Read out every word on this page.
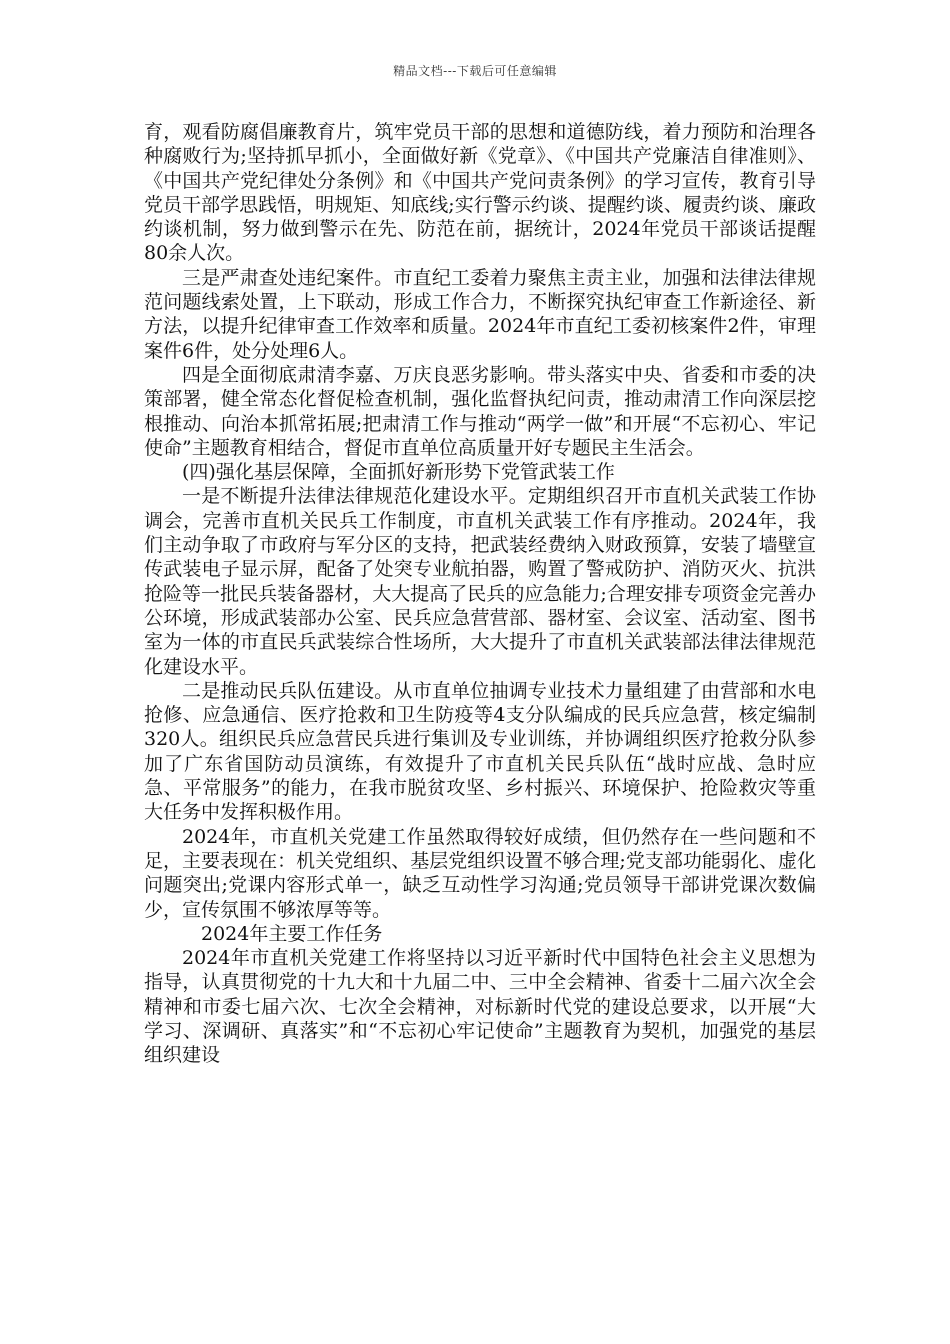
精品文档---下载后可任意编辑

育，观看防腐倡廉教育片，筑牢党员干部的思想和道德防线，着力预防和治理各种腐败行为;坚持抓早抓小，全面做好新《党章》、《中国共产党廉洁自律准则》、《中国共产党纪律处分条例》和《中国共产党问责条例》的学习宣传，教育引导党员干部学思践悟，明规矩、知底线;实行警示约谈、提醒约谈、履责约谈、廉政约谈机制，努力做到警示在先、防范在前，据统计，2024年党员干部谈话提醒80余人次。

三是严肃查处违纪案件。市直纪工委着力聚焦主责主业，加强和法律法律规范问题线索处置，上下联动，形成工作合力，不断探究执纪审查工作新途径、新方法，以提升纪律审查工作效率和质量。2024年市直纪工委初核案件2件，审理案件6件，处分处理6人。

四是全面彻底肃清李嘉、万庆良恶劣影响。带头落实中央、省委和市委的决策部署，健全常态化督促检查机制，强化监督执纪问责，推动肃清工作向深层挖根推动、向治本抓常拓展;把肃清工作与推动“两学一做”和开展“不忘初心、牢记使命”主题教育相结合，督促市直单位高质量开好专题民主生活会。

(四)强化基层保障，全面抓好新形势下党管武装工作

一是不断提升法律法律规范化建设水平。定期组织召开市直机关武装工作协调会，完善市直机关民兵工作制度，市直机关武装工作有序推动。2024年，我们主动争取了市政府与军分区的支持，把武装经费纳入财政预算，安装了墙壁宣传武装电子显示屏，配备了处突专业航拍器，购置了警戒防护、消防灭火、抗洪抢险等一批民兵装备器材，大大提高了民兵的应急能力;合理安排专项资金完善办公环境，形成武装部办公室、民兵应急营营部、器材室、会议室、活动室、图书室为一体的市直民兵武装综合性场所，大大提升了市直机关武装部法律法律规范化建设水平。

二是推动民兵队伍建设。从市直单位抽调专业技术力量组建了由营部和水电抢修、应急通信、医疗抢救和卫生防疫等4支分队编成的民兵应急营，核定编制320人。组织民兵应急营民兵进行集训及专业训练，并协调组织医疗抢救分队参加了广东省国防动员演练，有效提升了市直机关民兵队伍“战时应战、急时应急、平常服务”的能力，在我市脱贫攻坚、乡村振兴、环境保护、抢险救灾等重大任务中发挥积极作用。

2024年，市直机关党建工作虽然取得较好成绩，但仍然存在一些问题和不足，主要表现在：机关党组织、基层党组织设置不够合理;党支部功能弱化、虚化问题突出;党课内容形式单一，缺乏互动性学习沟通;党员领导干部讲党课次数偏少，宣传氛围不够浓厚等等。

2024年主要工作任务

2024年市直机关党建工作将坚持以习近平新时代中国特色社会主义思想为指导，认真贯彻党的十九大和十九届二中、三中全会精神、省委十二届六次全会精神和市委七届六次、七次全会精神，对标新时代党的建设总要求，以开展“大学习、深调研、真落实”和“不忘初心牢记使命”主题教育为契机，加强党的基层组织建设
